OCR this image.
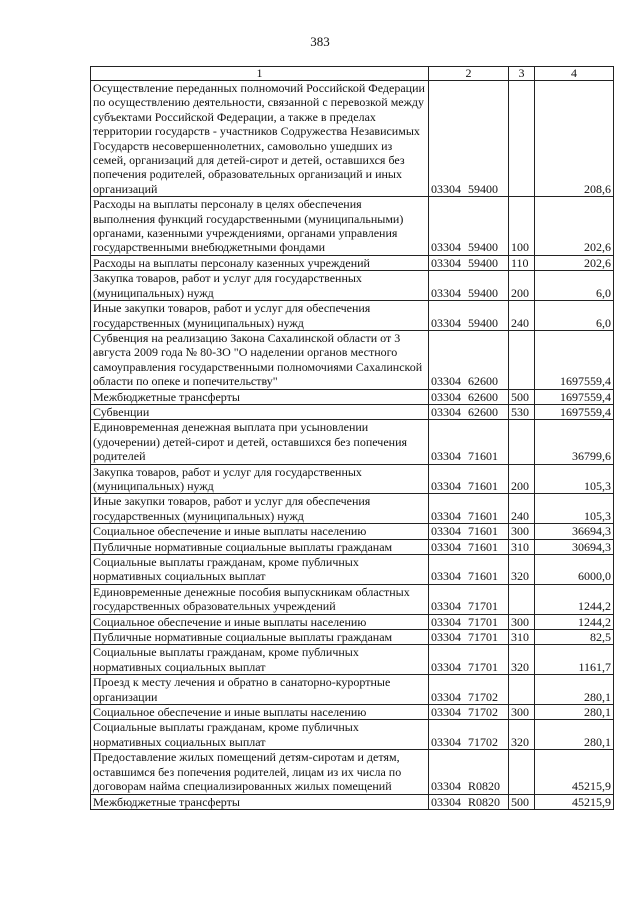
383
1	2	3	4
Осуществление переданных полномочий Российской Федерации по осуществлению деятельности, связанной с перевозкой между субъектами Российской Федерации, а также в пределах территории государств - участников Содружества Независимых Государств несовершеннолетних, самовольно ушедших из семей, организаций для детей-сирот и детей, оставшихся без попечения родителей, образовательных организаций и иных организаций	03304 59400		208,6
Расходы на выплаты персоналу в целях обеспечения выполнения функций государственными (муниципальными) органами, казенными учреждениями, органами управления государственными внебюджетными фондами	03304 59400	100	202,6
Расходы на выплаты персоналу казенных учреждений	03304 59400	110	202,6
Закупка товаров, работ и услуг для государственных (муниципальных) нужд	03304 59400	200	6,0
Иные закупки товаров, работ и услуг для обеспечения государственных (муниципальных) нужд	03304 59400	240	6,0
Субвенция на реализацию Закона Сахалинской области от 3 августа 2009 года № 80-ЗО "О наделении органов местного самоуправления государственными полномочиями Сахалинской области по опеке и попечительству"	03304 62600		1697559,4
Межбюджетные трансферты	03304 62600	500	1697559,4
Субвенции	03304 62600	530	1697559,4
Единовременная денежная выплата при усыновлении (удочерении) детей-сирот и детей, оставшихся без попечения родителей	03304 71601		36799,6
Закупка товаров, работ и услуг для государственных (муниципальных) нужд	03304 71601	200	105,3
Иные закупки товаров, работ и услуг для обеспечения государственных (муниципальных) нужд	03304 71601	240	105,3
Социальное обеспечение и иные выплаты населению	03304 71601	300	36694,3
Публичные нормативные социальные выплаты гражданам	03304 71601	310	30694,3
Социальные выплаты гражданам, кроме публичных нормативных социальных выплат	03304 71601	320	6000,0
Единовременные денежные пособия выпускникам областных государственных образовательных учреждений	03304 71701		1244,2
Социальное обеспечение и иные выплаты населению	03304 71701	300	1244,2
Публичные нормативные социальные выплаты гражданам	03304 71701	310	82,5
Социальные выплаты гражданам, кроме публичных нормативных социальных выплат	03304 71701	320	1161,7
Проезд к месту лечения и обратно в санаторно-курортные организации	03304 71702		280,1
Социальное обеспечение и иные выплаты населению	03304 71702	300	280,1
Социальные выплаты гражданам, кроме публичных нормативных социальных выплат	03304 71702	320	280,1
Предоставление жилых помещений детям-сиротам и детям, оставшимся без попечения родителей, лицам из их числа по договорам найма специализированных жилых помещений	03304 R0820		45215,9
Межбюджетные трансферты	03304 R0820	500	45215,9
